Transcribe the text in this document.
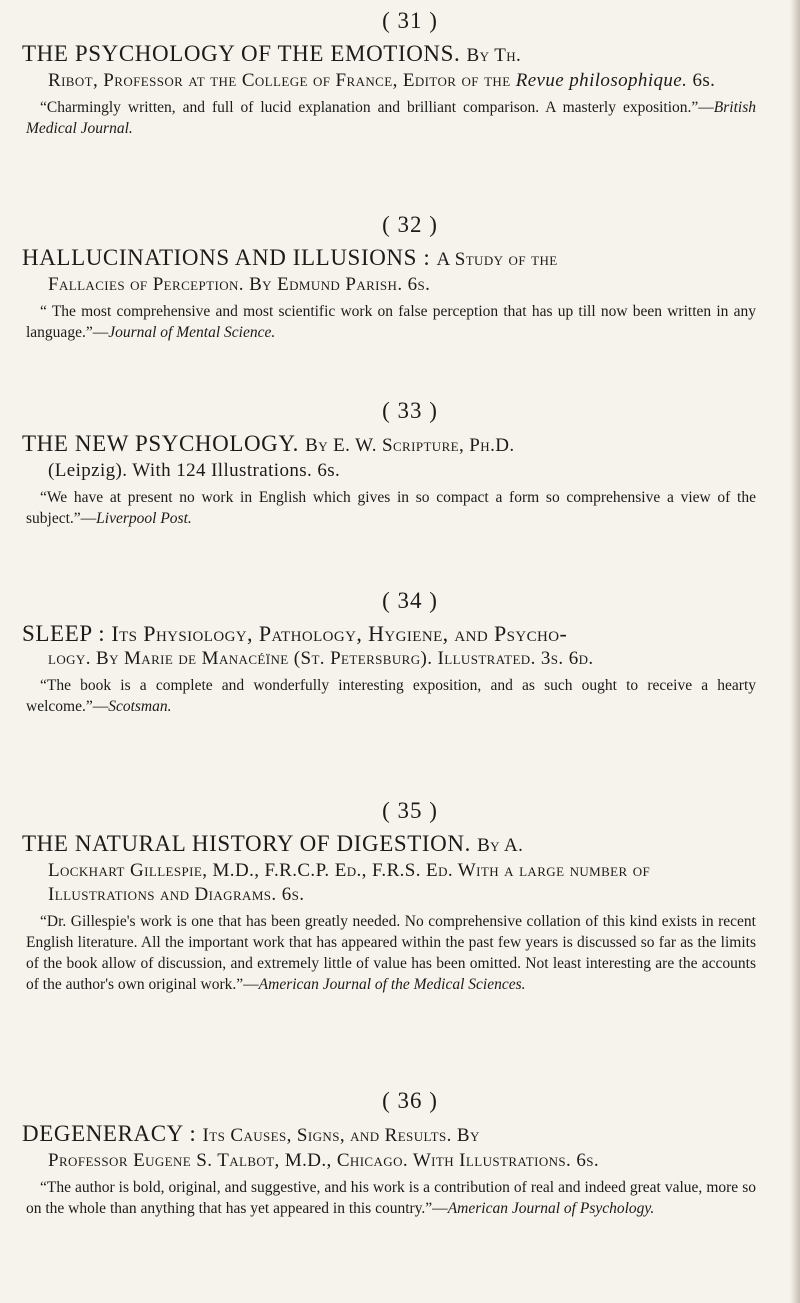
( 31 )
THE PSYCHOLOGY OF THE EMOTIONS. By Th.
Ribot, Professor at the College of France, Editor of the Revue philosophique. 6s.
“Charmingly written, and full of lucid explanation and brilliant comparison. A masterly exposition.”—British Medical Journal.
( 32 )
HALLUCINATIONS AND ILLUSIONS : A Study of the
Fallacies of Perception. By Edmund Parish. 6s.
“ The most comprehensive and most scientific work on false perception that has up till now been written in any language.”—Journal of Mental Science.
( 33 )
THE NEW PSYCHOLOGY. By E. W. Scripture, Ph.D.
(Leipzig). With 124 Illustrations. 6s.
“We have at present no work in English which gives in so compact a form so comprehensive a view of the subject.”—Liverpool Post.
( 34 )
SLEEP : Its Physiology, Pathology, Hygiene, and Psycho-
logy. By Marie de Manacéïne (St. Petersburg). Illustrated. 3s. 6d.
“The book is a complete and wonderfully interesting exposition, and as such ought to receive a hearty welcome.”—Scotsman.
( 35 )
THE NATURAL HISTORY OF DIGESTION. By A.
Lockhart Gillespie, M.D., F.R.C.P. Ed., F.R.S. Ed. With a large number of Illustrations and Diagrams. 6s.
“Dr. Gillespie's work is one that has been greatly needed. No comprehensive collation of this kind exists in recent English literature. All the important work that has appeared within the past few years is discussed so far as the limits of the book allow of discussion, and extremely little of value has been omitted. Not least interesting are the accounts of the author's own original work.”—American Journal of the Medical Sciences.
( 36 )
DEGENERACY : Its Causes, Signs, and Results. By
Professor Eugene S. Talbot, M.D., Chicago. With Illustrations. 6s.
“The author is bold, original, and suggestive, and his work is a contribution of real and indeed great value, more so on the whole than anything that has yet appeared in this country.”—American Journal of Psychology.
